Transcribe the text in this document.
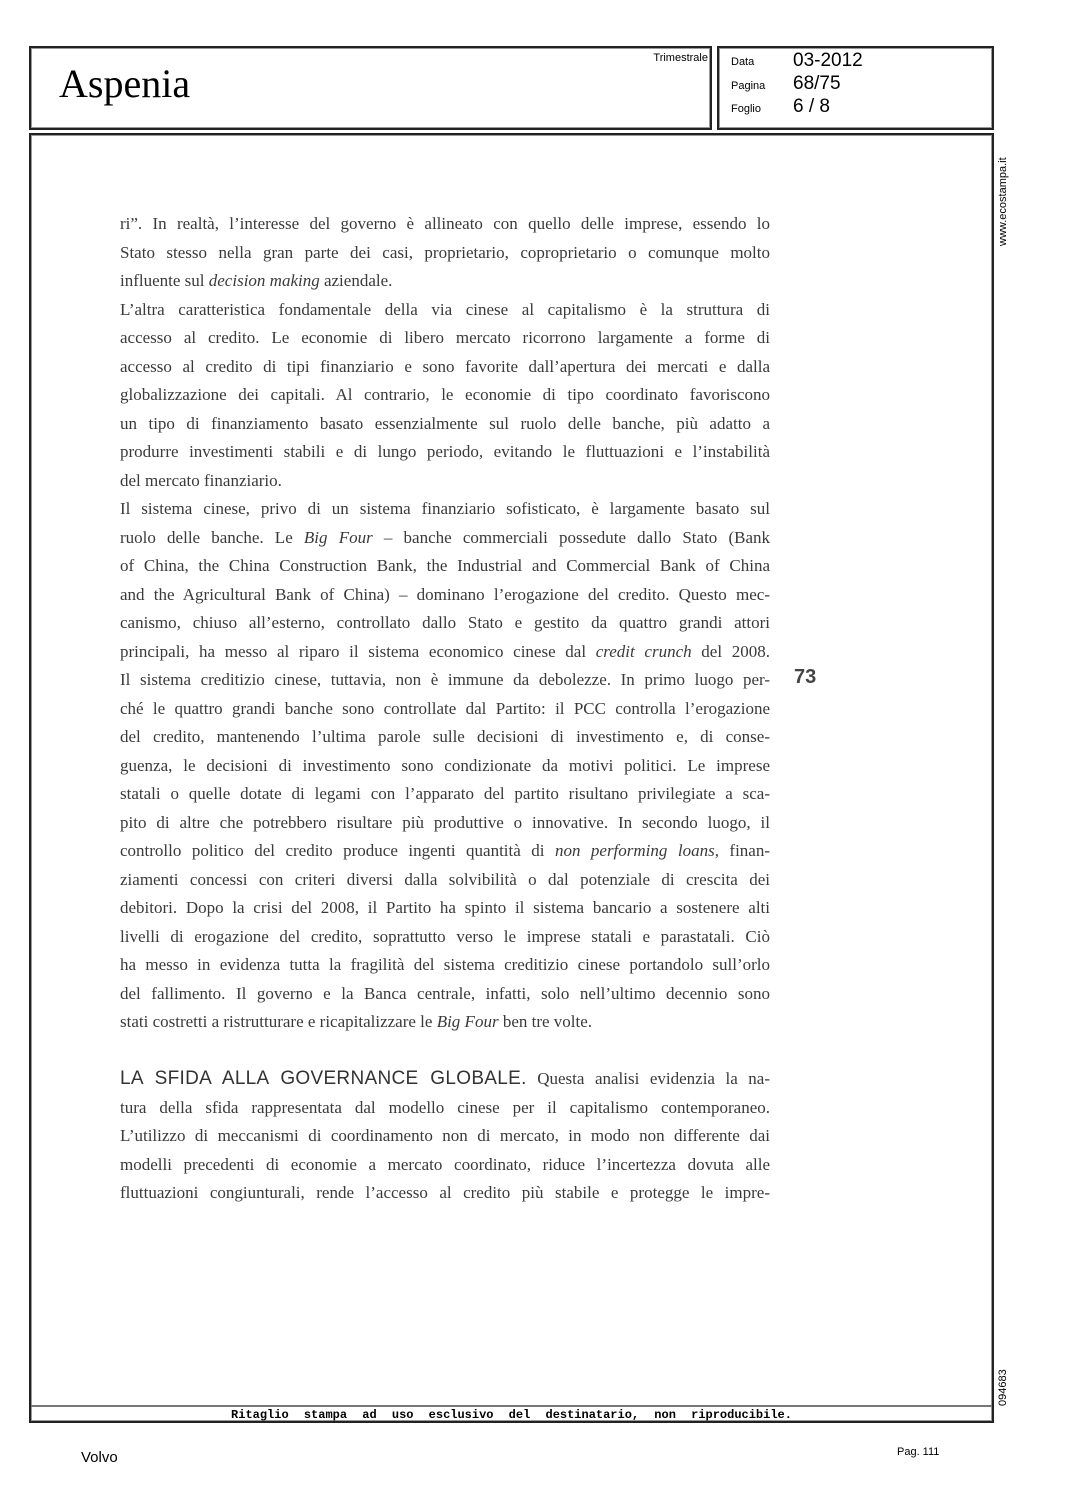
Aspenia
Trimestrale Data 03-2012
Pagina 68/75
Foglio 6 / 8
Ritaglio stampa ad uso esclusivo del destinatario, non riproducibile.
www.ecostampa.it
094683
ri”. In realtà, l’interesse del governo è allineato con quello delle imprese, essendo lo
Stato stesso nella gran parte dei casi, proprietario, coproprietario o comunque molto
influente sul decision making aziendale.
L’altra caratteristica fondamentale della via cinese al capitalismo è la struttura di
accesso al credito. Le economie di libero mercato ricorrono largamente a forme di
accesso al credito di tipi finanziario e sono favorite dall’apertura dei mercati e dalla
globalizzazione dei capitali. Al contrario, le economie di tipo coordinato favoriscono
un tipo di finanziamento basato essenzialmente sul ruolo delle banche, più adatto a
produrre investimenti stabili e di lungo periodo, evitando le fluttuazioni e l’instabilità
del mercato finanziario.
Il sistema cinese, privo di un sistema finanziario sofisticato, è largamente basato sul
ruolo delle banche. Le Big Four – banche commerciali possedute dallo Stato (Bank
of China, the China Construction Bank, the Industrial and Commercial Bank of China
and the Agricultural Bank of China) – dominano l’erogazione del credito. Questo mec-
canismo, chiuso all’esterno, controllato dallo Stato e gestito da quattro grandi attori
principali, ha messo al riparo il sistema economico cinese dal credit crunch del 2008.
Il sistema creditizio cinese, tuttavia, non è immune da debolezze. In primo luogo per-
ché le quattro grandi banche sono controllate dal Partito: il PCC controlla l’erogazione
del credito, mantenendo l’ultima parole sulle decisioni di investimento e, di conse-
guenza, le decisioni di investimento sono condizionate da motivi politici. Le imprese
statali o quelle dotate di legami con l’apparato del partito risultano privilegiate a sca-
pito di altre che potrebbero risultare più produttive o innovative. In secondo luogo, il
controllo politico del credito produce ingenti quantità di non performing loans, finan-
ziamenti concessi con criteri diversi dalla solvibilità o dal potenziale di crescita dei
debitori. Dopo la crisi del 2008, il Partito ha spinto il sistema bancario a sostenere alti
livelli di erogazione del credito, soprattutto verso le imprese statali e parastatali. Ciò
ha messo in evidenza tutta la fragilità del sistema creditizio cinese portandolo sull’orlo
del fallimento. Il governo e la Banca centrale, infatti, solo nell’ultimo decennio sono
stati costretti a ristrutturare e ricapitalizzare le Big Four ben tre volte.
LA SFIDA ALLA GOVERNANCE GLOBALE. Questa analisi evidenzia la na-
tura della sfida rappresentata dal modello cinese per il capitalismo contemporaneo.
L’utilizzo di meccanismi di coordinamento non di mercato, in modo non differente dai
modelli precedenti di economie a mercato coordinato, riduce l’incertezza dovuta alle
fluttuazioni congiunturali, rende l’accesso al credito più stabile e protegge le impre-
73
Volvo	Pag. 111
